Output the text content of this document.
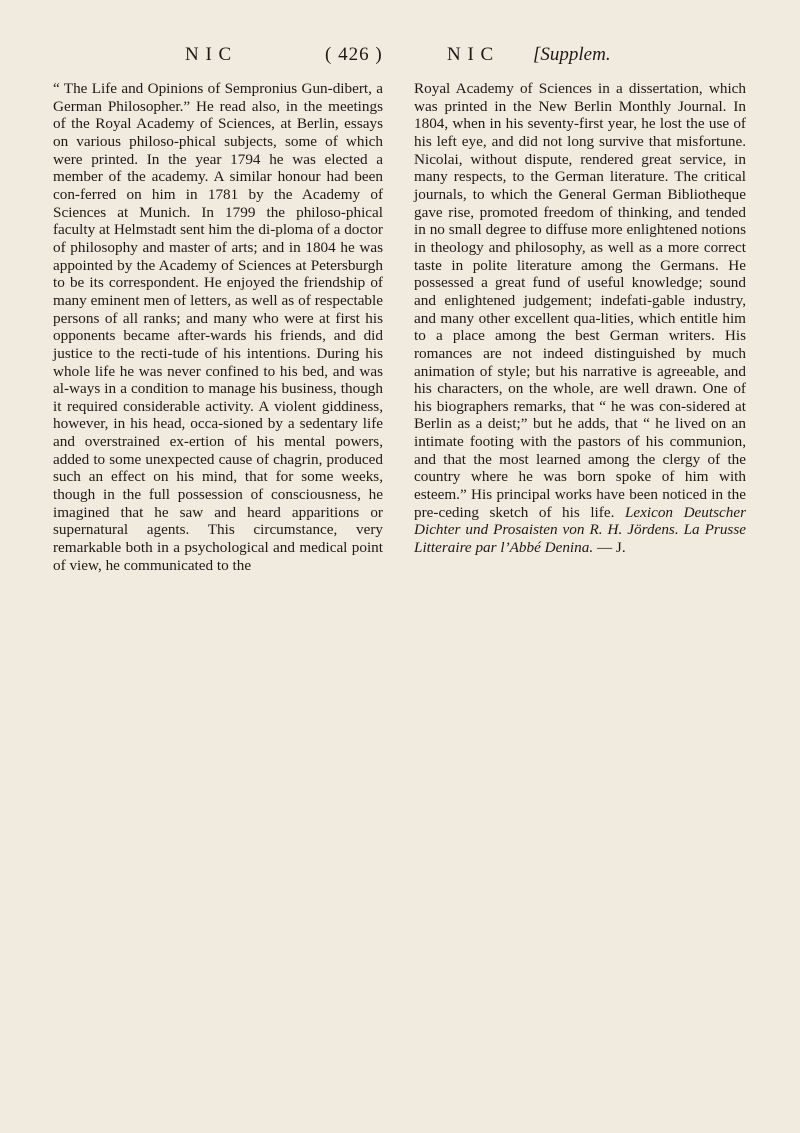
N I C	( 426 )	N I C [Supplem.

“ The Life and Opinions of Sempronius Gun-dibert, a German Philosopher.” He read also, in the meetings of the Royal Academy of Sciences, at Berlin, essays on various philoso-phical subjects, some of which were printed. In the year 1794 he was elected a member of the academy. A similar honour had been con-ferred on him in 1781 by the Academy of Sciences at Munich. In 1799 the philoso-phical faculty at Helmstadt sent him the di-ploma of a doctor of philosophy and master of arts; and in 1804 he was appointed by the Academy of Sciences at Petersburgh to be its correspondent. He enjoyed the friendship of many eminent men of letters, as well as of respectable persons of all ranks; and many who were at first his opponents became after-wards his friends, and did justice to the recti-tude of his intentions. During his whole life he was never confined to his bed, and was al-ways in a condition to manage his business, though it required considerable activity. A violent giddiness, however, in his head, occa-sioned by a sedentary life and overstrained ex-ertion of his mental powers, added to some unexpected cause of chagrin, produced such an effect on his mind, that for some weeks, though in the full possession of consciousness, he imagined that he saw and heard apparitions or supernatural agents. This circumstance, very remarkable both in a psychological and medical point of view, he communicated to the

Royal Academy of Sciences in a dissertation, which was printed in the New Berlin Monthly Journal. In 1804, when in his seventy-first year, he lost the use of his left eye, and did not long survive that misfortune. Nicolai, without dispute, rendered great service, in many respects, to the German literature. The critical journals, to which the General German Bibliotheque gave rise, promoted freedom of thinking, and tended in no small degree to diffuse more enlightened notions in theology and philosophy, as well as a more correct taste in polite literature among the Germans. He possessed a great fund of useful knowledge; sound and enlightened judgement; indefati-gable industry, and many other excellent qua-lities, which entitle him to a place among the best German writers. His romances are not indeed distinguished by much animation of style; but his narrative is agreeable, and his characters, on the whole, are well drawn. One of his biographers remarks, that “ he was con-sidered at Berlin as a deist;” but he adds, that “ he lived on an intimate footing with the pastors of his communion, and that the most learned among the clergy of the country where he was born spoke of him with esteem.” His principal works have been noticed in the pre-ceding sketch of his life. Lexicon Deutscher Dichter und Prosaisten von R. H. Jördens. La Prusse Litteraire par l’Abbé Denina. — J.
